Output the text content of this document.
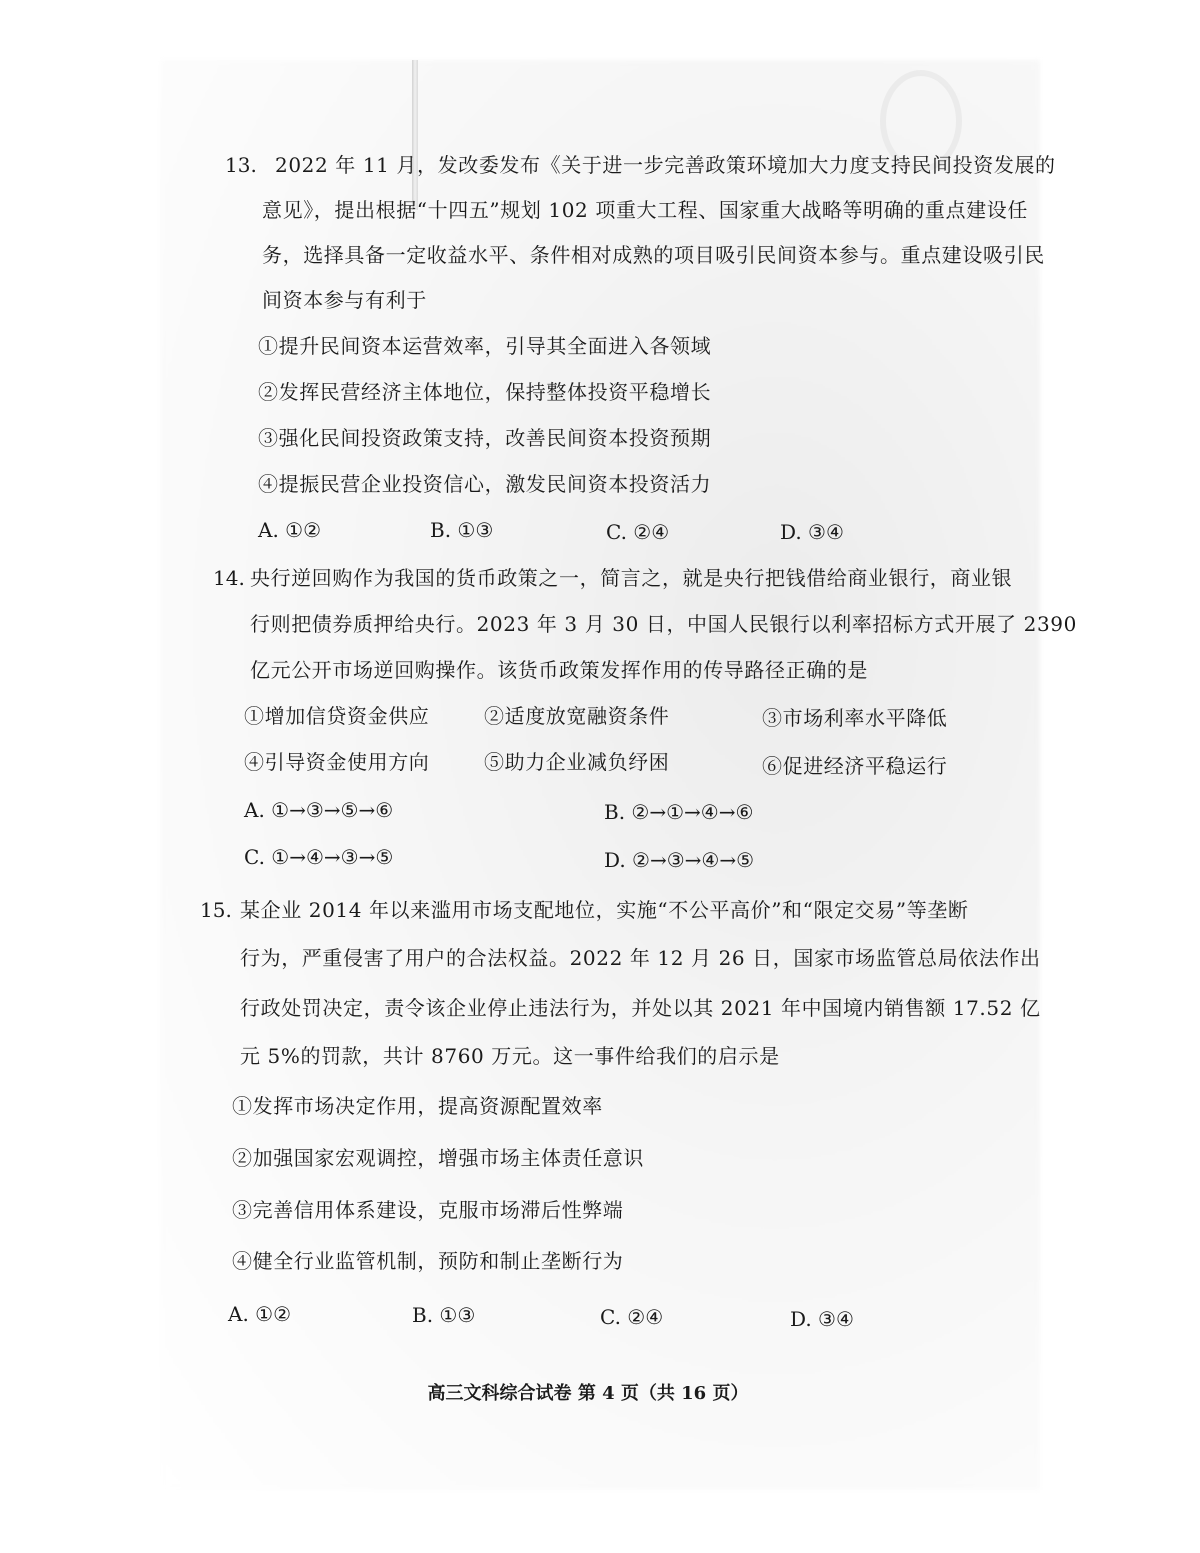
13. 2022 年 11 月，发改委发布《关于进一步完善政策环境加大力度支持民间投资发展的
意见》，提出根据“十四五”规划 102 项重大工程、国家重大战略等明确的重点建设任
务，选择具备一定收益水平、条件相对成熟的项目吸引民间资本参与。重点建设吸引民
间资本参与有利于
①提升民间资本运营效率，引导其全面进入各领域
②发挥民营经济主体地位，保持整体投资平稳增长
③强化民间投资政策支持，改善民间资本投资预期
④提振民营企业投资信心，激发民间资本投资活力
A. ①②	B. ①③	C. ②④	D. ③④
14. 央行逆回购作为我国的货币政策之一，简言之，就是央行把钱借给商业银行，商业银
行则把债券质押给央行。2023 年 3 月 30 日，中国人民银行以利率招标方式开展了 2390
亿元公开市场逆回购操作。该货币政策发挥作用的传导路径正确的是
①增加信贷资金供应	②适度放宽融资条件	③市场利率水平降低
④引导资金使用方向	⑤助力企业减负纾困	⑥促进经济平稳运行
A. ①→③→⑤→⑥	B. ②→①→④→⑥
C. ①→④→③→⑤	D. ②→③→④→⑤
15. 某企业 2014 年以来滥用市场支配地位，实施“不公平高价”和“限定交易”等垄断
行为，严重侵害了用户的合法权益。2022 年 12 月 26 日，国家市场监管总局依法作出
行政处罚决定，责令该企业停止违法行为，并处以其 2021 年中国境内销售额 17.52 亿
元 5%的罚款，共计 8760 万元。这一事件给我们的启示是
①发挥市场决定作用，提高资源配置效率
②加强国家宏观调控，增强市场主体责任意识
③完善信用体系建设，克服市场滞后性弊端
④健全行业监管机制，预防和制止垄断行为
A. ①②	B. ①③	C. ②④	D. ③④
高三文科综合试卷 第 4 页（共 16 页）
